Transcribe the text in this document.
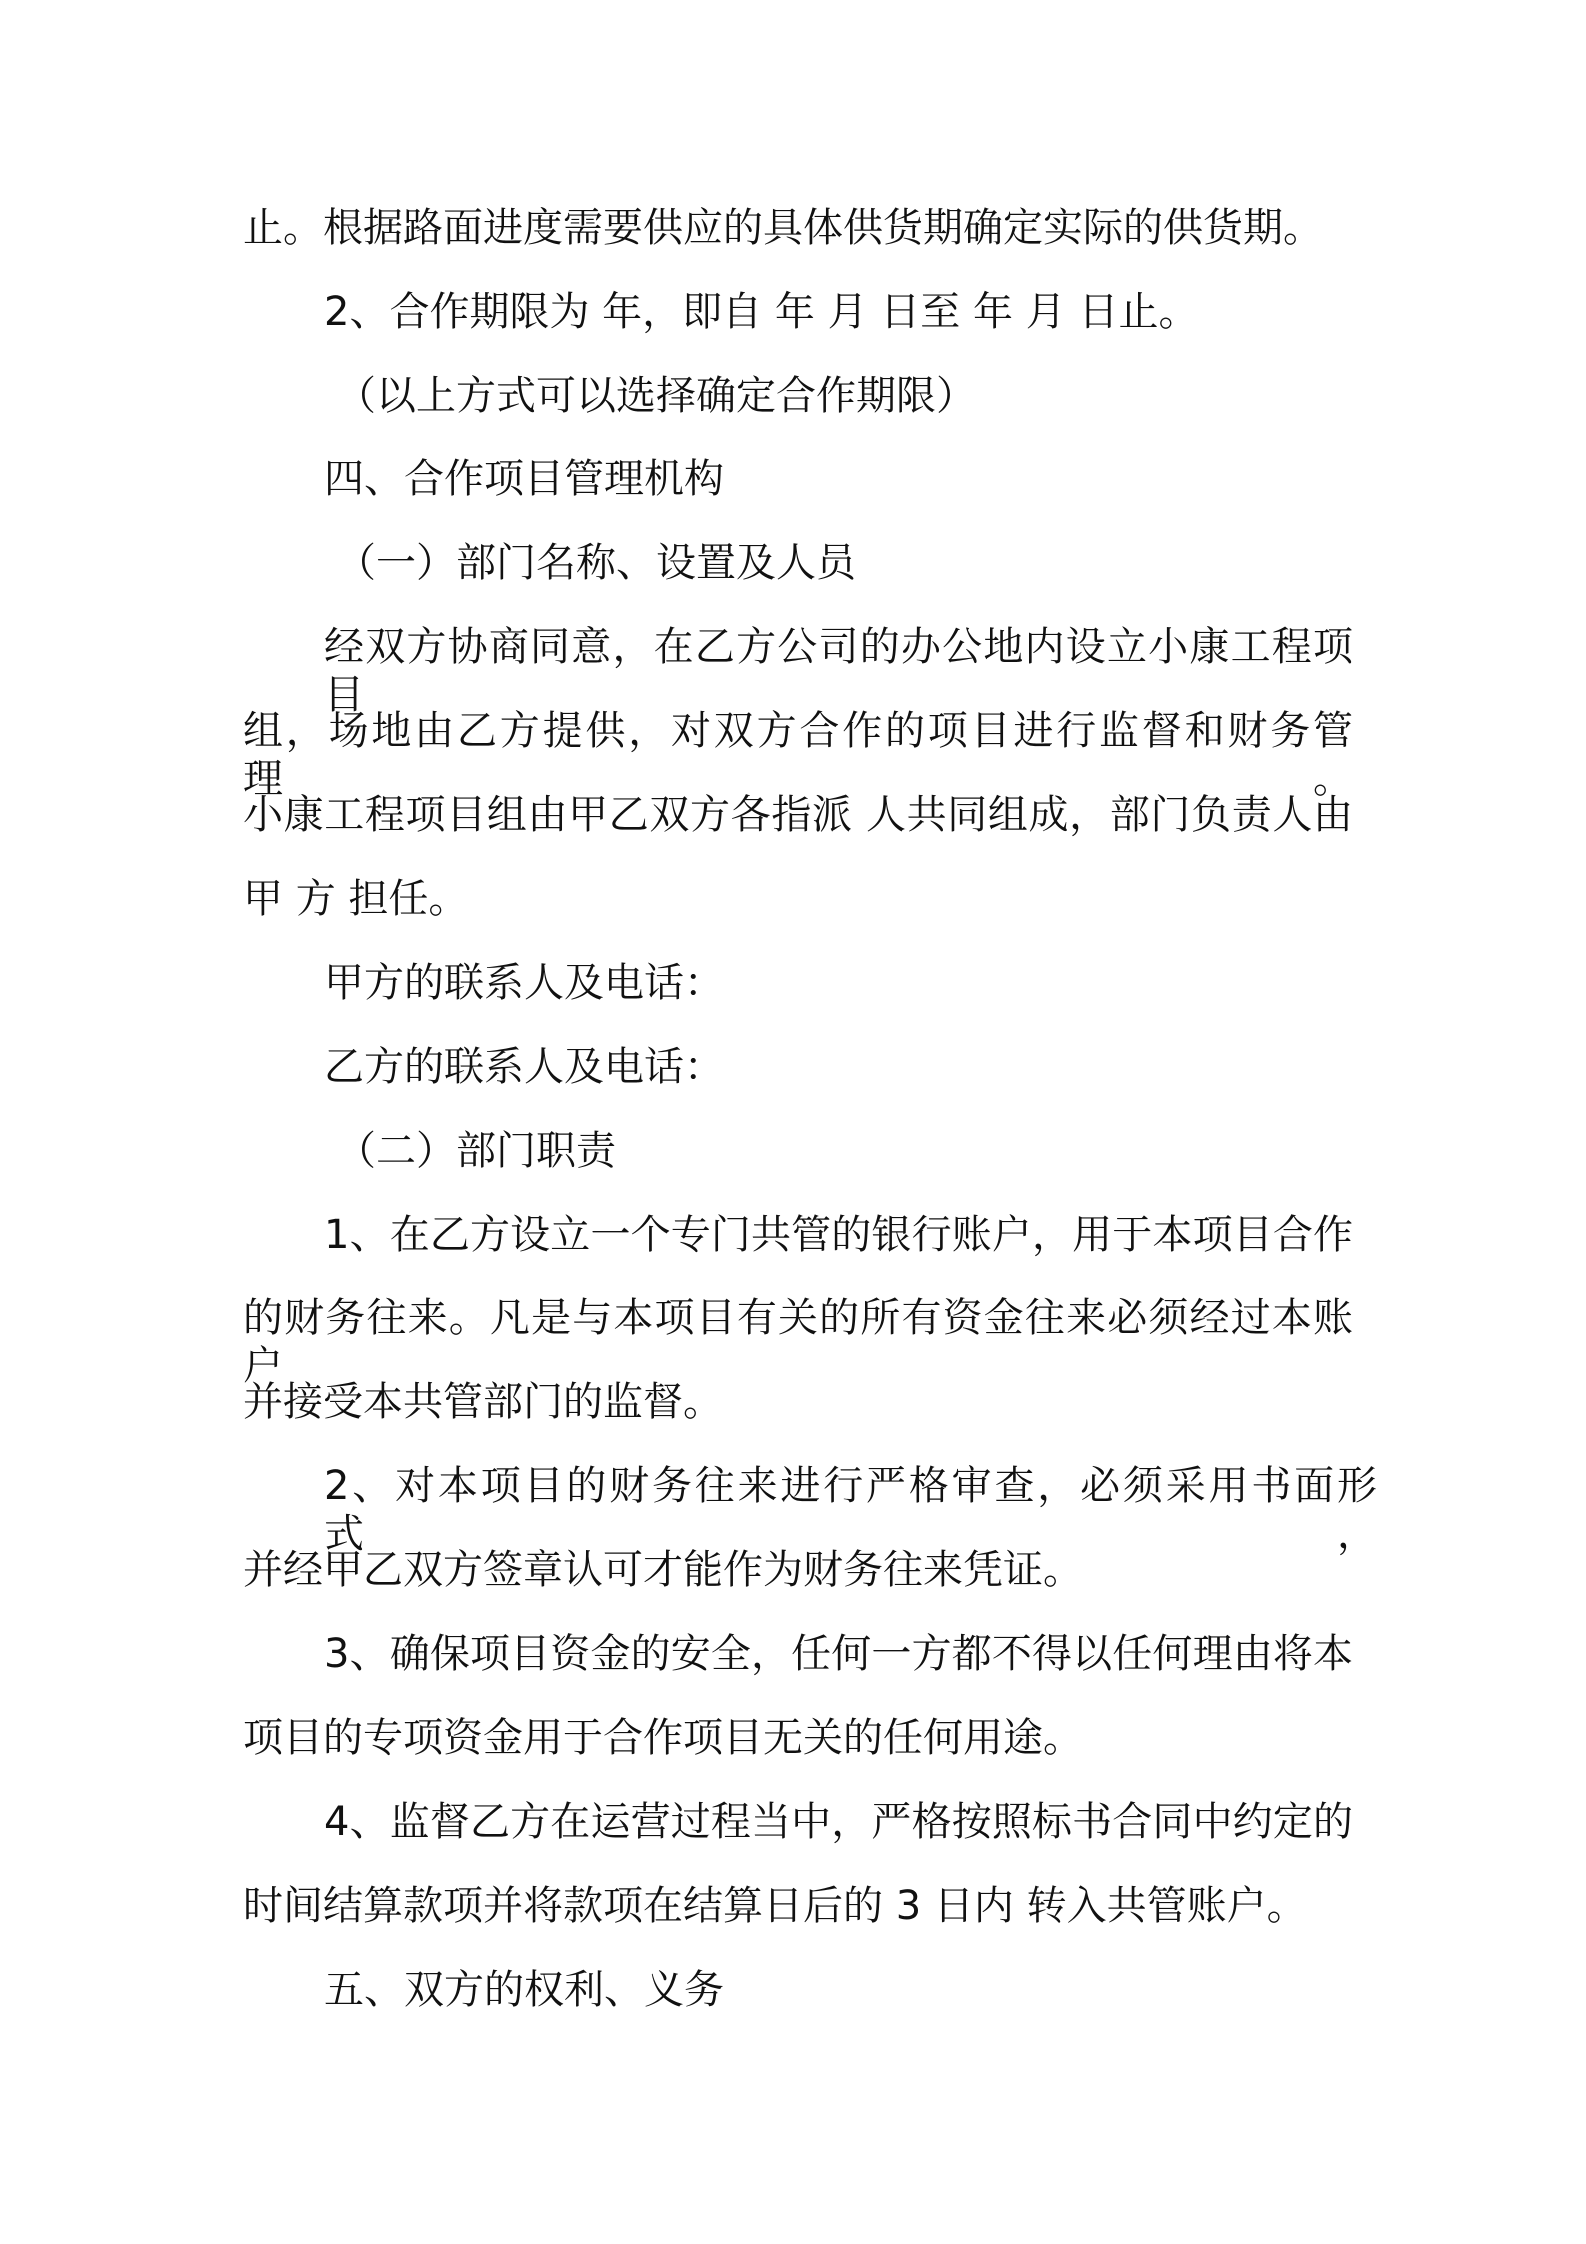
止。根据路面进度需要供应的具体供货期确定实际的供货期。

2、合作期限为 年，即自 年 月 日至 年 月 日止。

（以上方式可以选择确定合作期限）

四、合作项目管理机构

（一）部门名称、设置及人员

经双方协商同意，在乙方公司的办公地内设立小康工程项目

组，场地由乙方提供，对双方合作的项目进行监督和财务管理。

小康工程项目组由甲乙双方各指派 人共同组成，部门负责人由

甲 方 担任。

甲方的联系人及电话：

乙方的联系人及电话：

（二）部门职责

1、在乙方设立一个专门共管的银行账户，用于本项目合作

的财务往来。凡是与本项目有关的所有资金往来必须经过本账户

并接受本共管部门的监督。

2、对本项目的财务往来进行严格审查，必须采用书面形式，

并经甲乙双方签章认可才能作为财务往来凭证。

3、确保项目资金的安全，任何一方都不得以任何理由将本

项目的专项资金用于合作项目无关的任何用途。

4、监督乙方在运营过程当中，严格按照标书合同中约定的

时间结算款项并将款项在结算日后的 3 日内 转入共管账户。

五、双方的权利、义务
